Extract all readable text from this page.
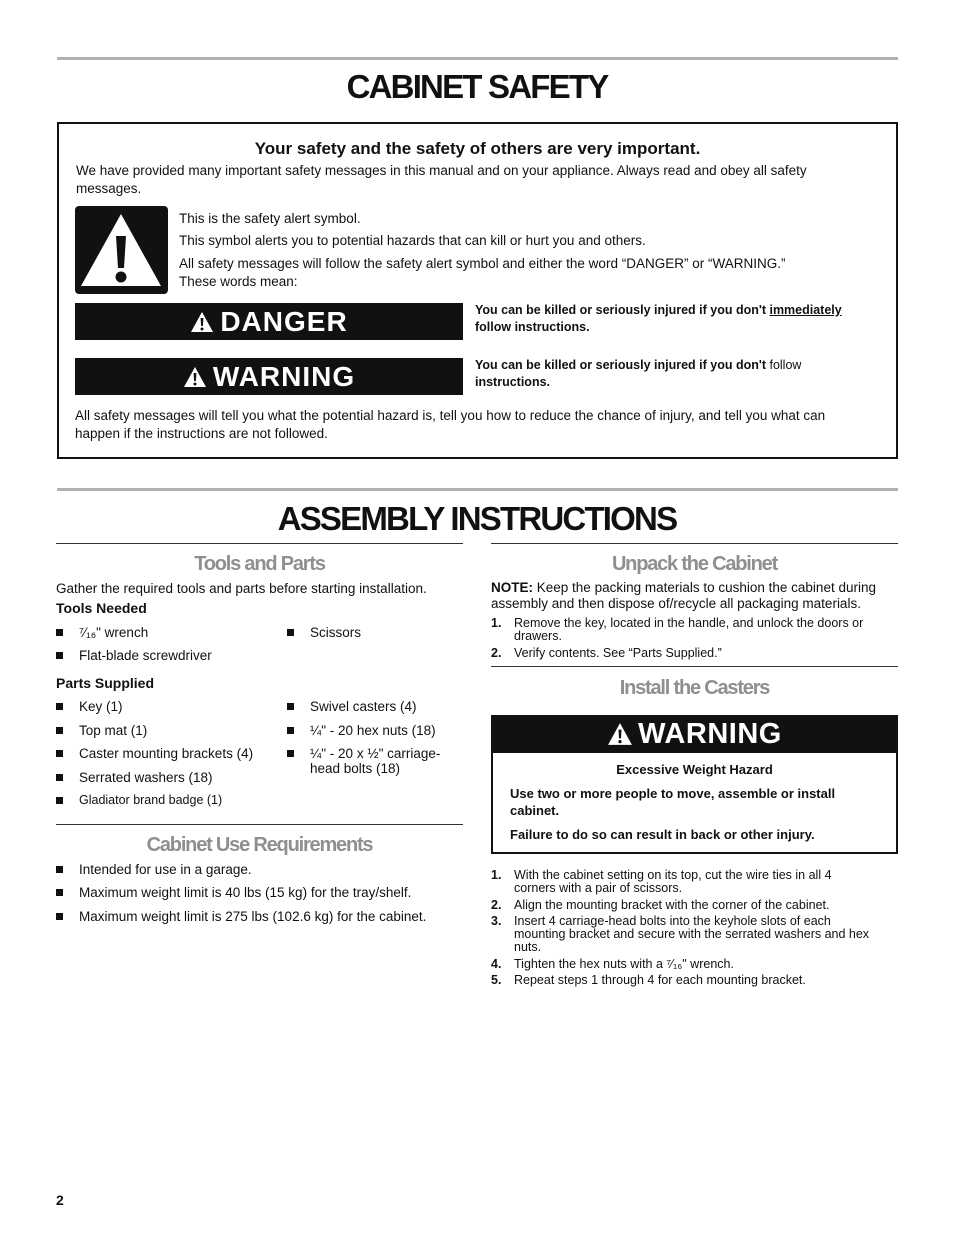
CABINET SAFETY
Your safety and the safety of others are very important.
We have provided many important safety messages in this manual and on your appliance. Always read and obey all safety
messages.
This is the safety alert symbol.
This symbol alerts you to potential hazards that can kill or hurt you and others.
All safety messages will follow the safety alert symbol and either the word “DANGER” or “WARNING.”
These words mean:
DANGER	You can be killed or seriously injured if you don't immediately
follow instructions.
WARNING	You can be killed or seriously injured if you don't follow
instructions.
All safety messages will tell you what the potential hazard is, tell you how to reduce the chance of injury, and tell you what can
happen if the instructions are not followed.
ASSEMBLY INSTRUCTIONS
Tools and Parts
Gather the required tools and parts before starting installation.
Tools Needed
⁷⁄₁₆" wrench
Flat-blade screwdriver
Scissors
Parts Supplied
Key (1)
Top mat (1)
Caster mounting brackets (4)
Serrated washers (18)
Gladiator brand badge (1)
Swivel casters (4)
¼" - 20 hex nuts (18)
¼" - 20 x ½" carriage-
head bolts (18)
Cabinet Use Requirements
Intended for use in a garage.
Maximum weight limit is 40 lbs (15 kg) for the tray/shelf.
Maximum weight limit is 275 lbs (102.6 kg) for the cabinet.
Unpack the Cabinet
NOTE: Keep the packing materials to cushion the cabinet during
assembly and then dispose of/recycle all packaging materials.
1. Remove the key, located in the handle, and unlock the doors or
drawers.
2. Verify contents. See “Parts Supplied.”
Install the Casters
WARNING
Excessive Weight Hazard
Use two or more people to move, assemble or install
cabinet.
Failure to do so can result in back or other injury.
1. With the cabinet setting on its top, cut the wire ties in all 4
corners with a pair of scissors.
2. Align the mounting bracket with the corner of the cabinet.
3. Insert 4 carriage-head bolts into the keyhole slots of each
mounting bracket and secure with the serrated washers and hex
nuts.
4. Tighten the hex nuts with a ⁷⁄₁₆" wrench.
5. Repeat steps 1 through 4 for each mounting bracket.
2
